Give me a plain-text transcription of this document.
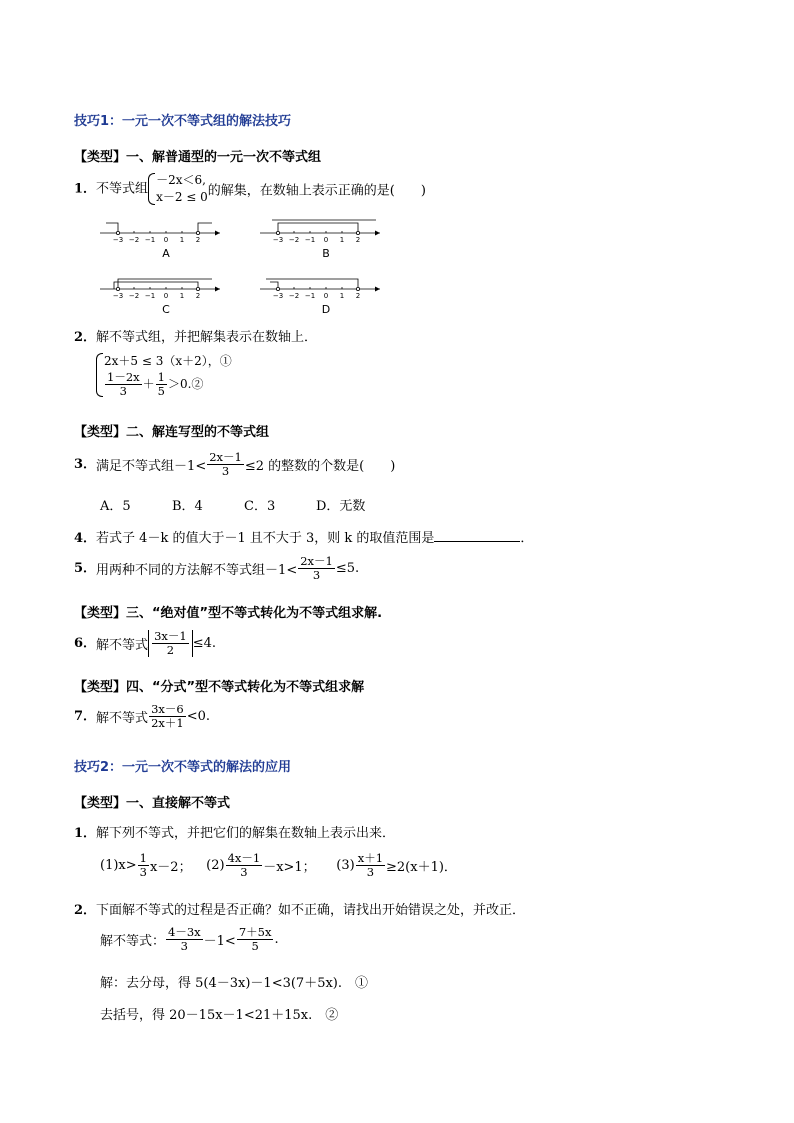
技巧1：一元一次不等式组的解法技巧
【类型】一、解普通型的一元一次不等式组
1．不等式组－2x＜6,
x－2 ≤ 0的解集，在数轴上表示正确的是(　　)
−3 −2 −1 0 1 2
A
−3 −2 −1 0 1 2
B
−3 −2 −1 0 1 2
C
−3 −2 −1 0 1 2
D
2．解不等式组，并把解集表示在数轴上．
2x＋5 ≤ 3（x＋2），①

$\frac{1-2x}{3} + \frac{1}{5}$ ＞0.②
【类型】二、解连写型的不等式组
3．满足不等式组$-1< \frac{2x-1}{3} \le 2$ 的整数的个数是(　　)
A．5	B．4	C．3	D．无数
4．若式子 4－k 的值大于－1 且不大于 3，则 k 的取值范围是	．
5．用两种不同的方法解不等式组$-1< \frac{2x-1}{3} \le 5$.
【类型】三、“绝对值”型不等式转化为不等式组求解.
6．解不等式 $\frac{3x-1}{2} \le 4$.
【类型】四、“分式”型不等式转化为不等式组求解
7．解不等式 $\frac{3x-6}{2x+1} <0$.
技巧2：一元一次不等式的解法的应用
【类型】一、直接解不等式
1．解下列不等式，并把它们的解集在数轴上表示出来．
$(1)x> \frac{1}{3} x-2$； $(2) \frac{4x-1}{3} -x>1$； $(3) \frac{x+1}{3} \ge 2(x+1)$．
2．下面解不等式的过程是否正确？如不正确，请找出开始错误之处，并改正．
解不等式： $\frac{4-3x}{3} -1< \frac{7+5x}{5}$ .
解：去分母，得 5(4－3x)－1<3(7＋5x).　①
去括号，得 20－15x－1<21＋15x.　②
